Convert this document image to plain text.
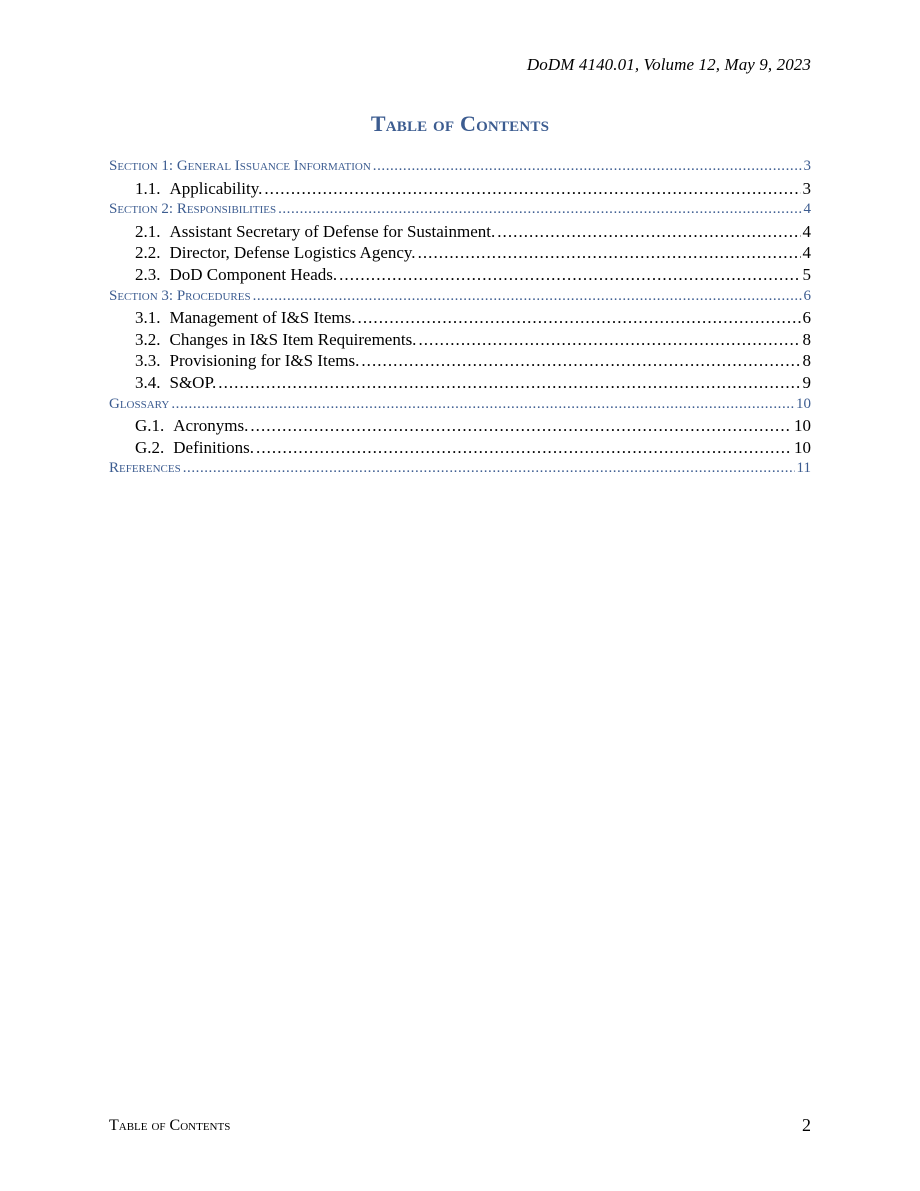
DoDM 4140.01, Volume 12, May 9, 2023
Table of Contents
Section 1: General Issuance Information . . .	3
1.1. Applicability. . . .	3
Section 2: Responsibilities . . .	4
2.1. Assistant Secretary of Defense for Sustainment. . . .	4
2.2. Director, Defense Logistics Agency. . . .	4
2.3. DoD Component Heads. . . .	5
Section 3: Procedures . . .	6
3.1. Management of I&S Items. . . .	6
3.2. Changes in I&S Item Requirements. . . .	8
3.3. Provisioning for I&S Items. . . .	8
3.4. S&OP. . . .	9
Glossary . . .	10
G.1. Acronyms. . . .	10
G.2. Definitions. . . .	10
References . . .	11
Table of Contents	2
